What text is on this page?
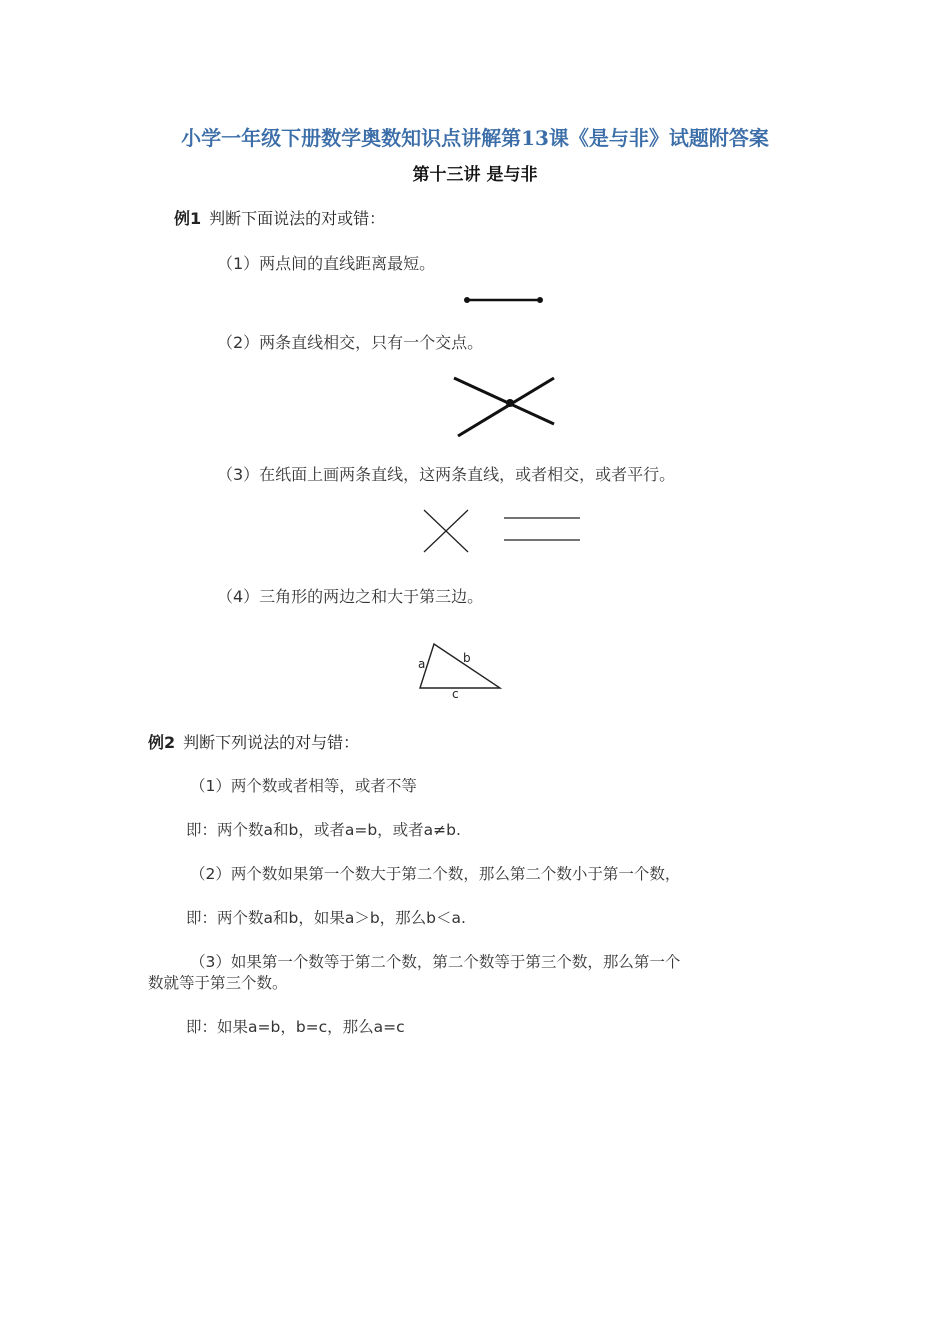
小学一年级下册数学奥数知识点讲解第13课《是与非》试题附答案
第十三讲 是与非
例1 判断下面说法的对或错：
（1）两点间的直线距离最短。
（2）两条直线相交，只有一个交点。
（3）在纸面上画两条直线，这两条直线，或者相交，或者平行。
（4）三角形的两边之和大于第三边。
a	b
c
例2 判断下列说法的对与错：
（1）两个数或者相等，或者不等
即：两个数a和b，或者a=b，或者a≠b.
（2）两个数如果第一个数大于第二个数，那么第二个数小于第一个数，
即：两个数a和b，如果a＞b，那么b＜a.
（3）如果第一个数等于第二个数，第二个数等于第三个数，那么第一个
数就等于第三个数。
即：如果a=b，b=c，那么a=c
